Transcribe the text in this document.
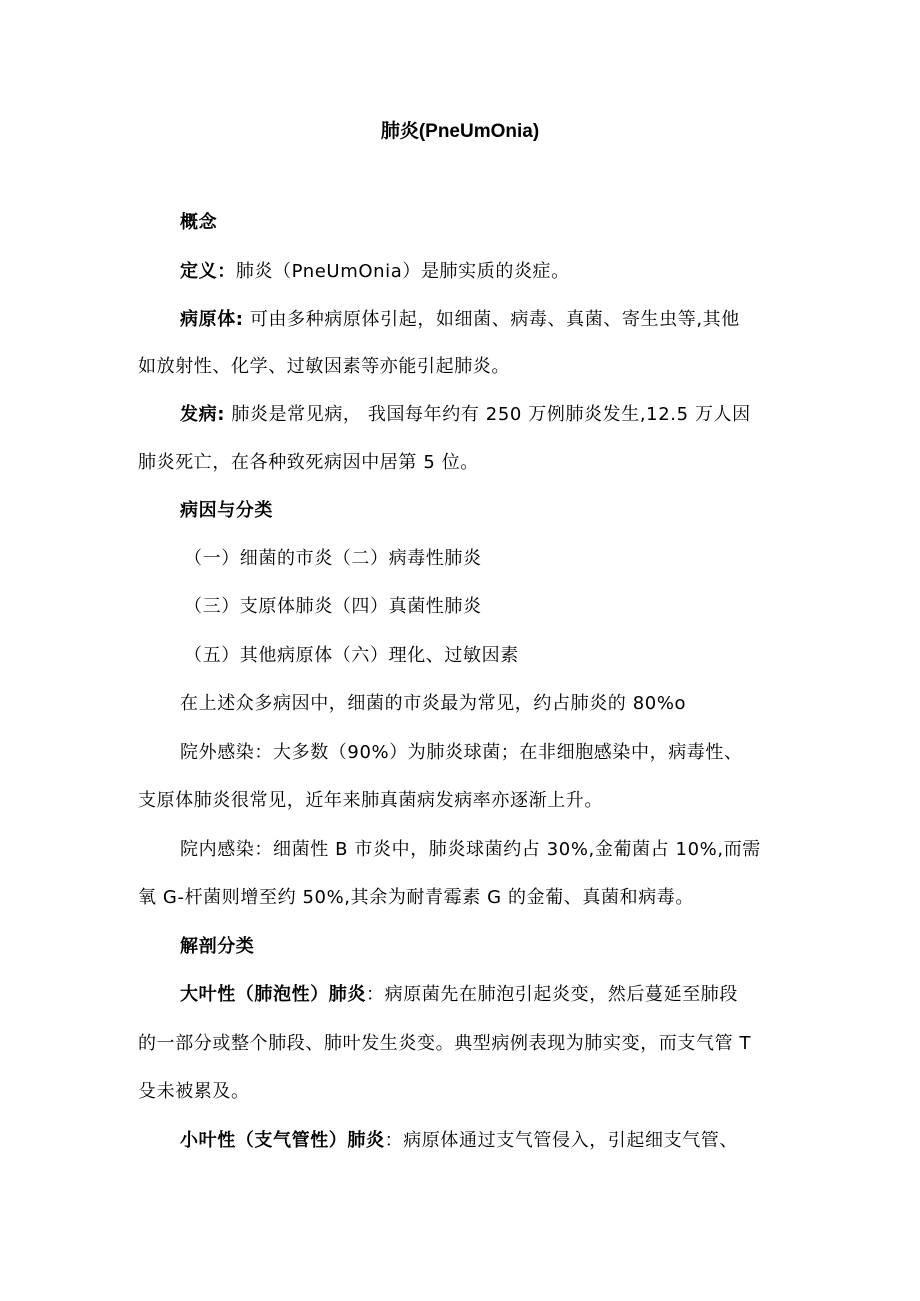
肺炎(PneUmOnia)
概念
定义：肺炎（PneUmOnia）是肺实质的炎症。
病原体: 可由多种病原体引起，如细菌、病毒、真菌、寄生虫等,其他
如放射性、化学、过敏因素等亦能引起肺炎。
发病: 肺炎是常见病， 我国每年约有 250 万例肺炎发生,12.5 万人因
肺炎死亡，在各种致死病因中居第 5 位。
病因与分类
（一）细菌的市炎（二）病毒性肺炎
（三）支原体肺炎（四）真菌性肺炎
（五）其他病原体（六）理化、过敏因素
在上述众多病因中，细菌的市炎最为常见，约占肺炎的 80%o
院外感染：大多数（90%）为肺炎球菌；在非细胞感染中，病毒性、
支原体肺炎很常见，近年来肺真菌病发病率亦逐渐上升。
院内感染：细菌性 B 市炎中，肺炎球菌约占 30%,金葡菌占 10%,而需
氧 G-杆菌则增至约 50%,其余为耐青霉素 G 的金葡、真菌和病毒。
解剖分类
大叶性（肺泡性）肺炎：病原菌先在肺泡引起炎变，然后蔓延至肺段
的一部分或整个肺段、肺叶发生炎变。典型病例表现为肺实变，而支气管 T
殳未被累及。
小叶性（支气管性）肺炎：病原体通过支气管侵入，引起细支气管、
